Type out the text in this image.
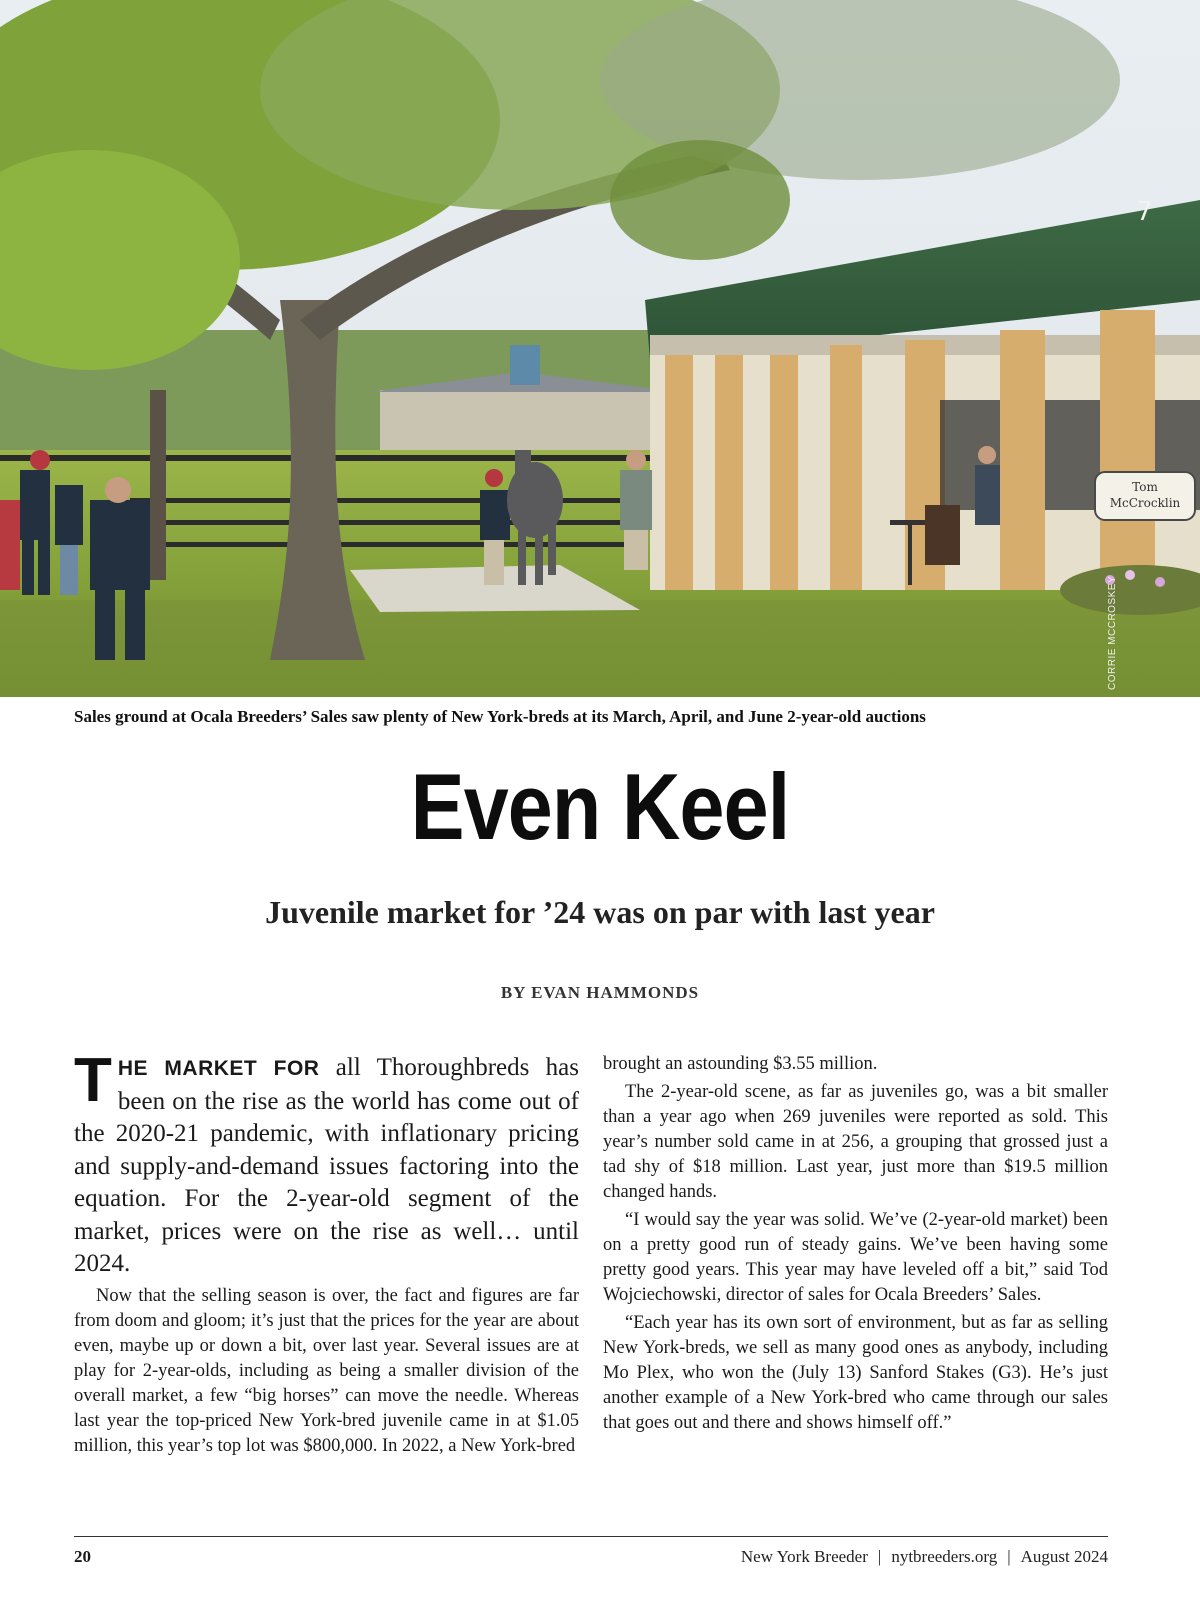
7
Tom
McCrocklin
CORRIE MCCROSKEY
Sales ground at Ocala Breeders’ Sales saw plenty of New York-breds at its March, April, and June 2-year-old auctions
Even Keel
Juvenile market for ’24 was on par with last year
BY EVAN HAMMONDS

THE MARKET FOR all Thoroughbreds has been on the rise as the world has come out of the 2020-21 pandemic, with inflationary pricing and supply-and-demand issues factoring into the equation. For the 2-year-old segment of the market, prices were on the rise as well… until 2024.

Now that the selling season is over, the fact and figures are far from doom and gloom; it’s just that the prices for the year are about even, maybe up or down a bit, over last year. Several issues are at play for 2-year-olds, including as being a smaller division of the overall market, a few “big horses” can move the needle. Whereas last year the top-priced New York-bred juvenile came in at $1.05 million, this year’s top lot was $800,000. In 2022, a New York-bred

brought an astounding $3.55 million.

The 2-year-old scene, as far as juveniles go, was a bit smaller than a year ago when 269 juveniles were reported as sold. This year’s number sold came in at 256, a grouping that grossed just a tad shy of $18 million. Last year, just more than $19.5 million changed hands.

“I would say the year was solid. We’ve (2-year-old market) been on a pretty good run of steady gains. We’ve been having some pretty good years. This year may have leveled off a bit,” said Tod Wojciechowski, director of sales for Ocala Breeders’ Sales.

“Each year has its own sort of environment, but as far as selling New York-breds, we sell as many good ones as anybody, including Mo Plex, who won the (July 13) Sanford Stakes (G3). He’s just another example of a New York-bred who came through our sales that goes out and there and shows himself off.”

20	New York Breeder | nytbreeders.org | August 2024
